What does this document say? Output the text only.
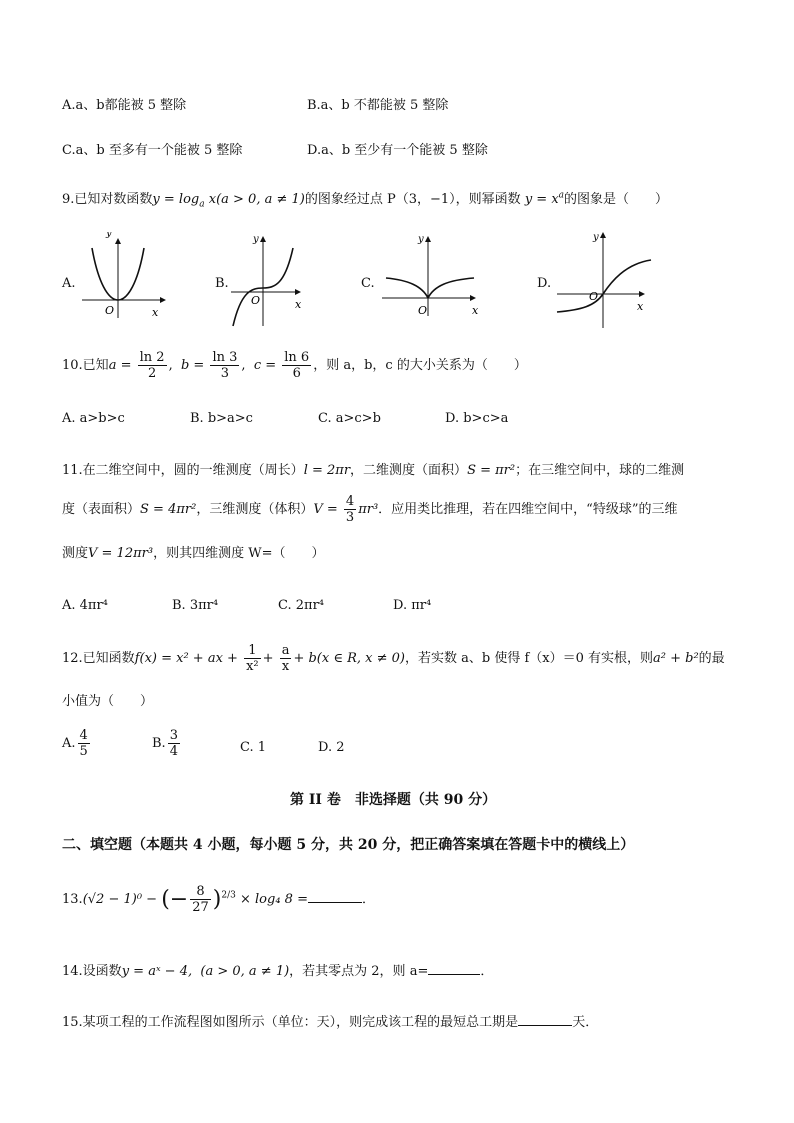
A.a、b都能被 5 整除	B.a、b 不都能被 5 整除
C.a、b 至多有一个能被 5 整除	D.a、b 至少有一个能被 5 整除
9.已知对数函数$y = \log_a x(a > 0$, a ≠ 1)的图象经过点 P（3，−1），则幂函数 $y = x^a$的图象是（　　）
A.	B.	C.	D.
y
x
O
y
x
O
y
x
O
y
x
O
10.已知$a = \frac{\ln 2}{2}$ ,  $b = \frac{\ln 3}{3}$ ,  $c = \frac{\ln 6}{6}$ ，则 a，b，c 的大小关系为（　　）
A. a>b>c	B. b>a>c	C. a>c>b	D. b>c>a
11.在二维空间中，圆的一维测度（周长）l = 2πr，二维测度（面积）S = πr²；在三维空间中，球的二维测
度（表面积）S = 4πr²，三维测度（体积）$V = \frac{4}{3} \pi r^3$．应用类比推理，若在四维空间中，“特级球”的三维
测度V = 12πr³，则其四维测度 W=（　　）
A. 4πr⁴	B. 3πr⁴	C. 2πr⁴	D. πr⁴
12.已知函数f(x) = x² + ax + $\frac{1}{\text{x²}} + \frac{a}{x} + b(x$ ∈ R, x ≠ 0)，若实数 a、b 使得 f（x）＝0 有实根，则a² + b²的最
小值为（　　）
A. $\frac{4}{5}$	B. $\frac{3}{4}$	C. 1	D. 2
第 II 卷　非选择题（共 90 分）
二、填空题（本题共 4 小题，每小题 5 分，共 20 分，把正确答案填在答题卡中的横线上）
13.(√2 − 1)⁰ − (− $\frac{8}{27} )^{2/3} \times \log_4$ 8 =	．
14.设函数y = aˣ − 4, (a > 0, a ≠ 1)，若其零点为 2，则 a=	．
15.某项工程的工作流程图如图所示（单位：天），则完成该工程的最短总工期是	天．
